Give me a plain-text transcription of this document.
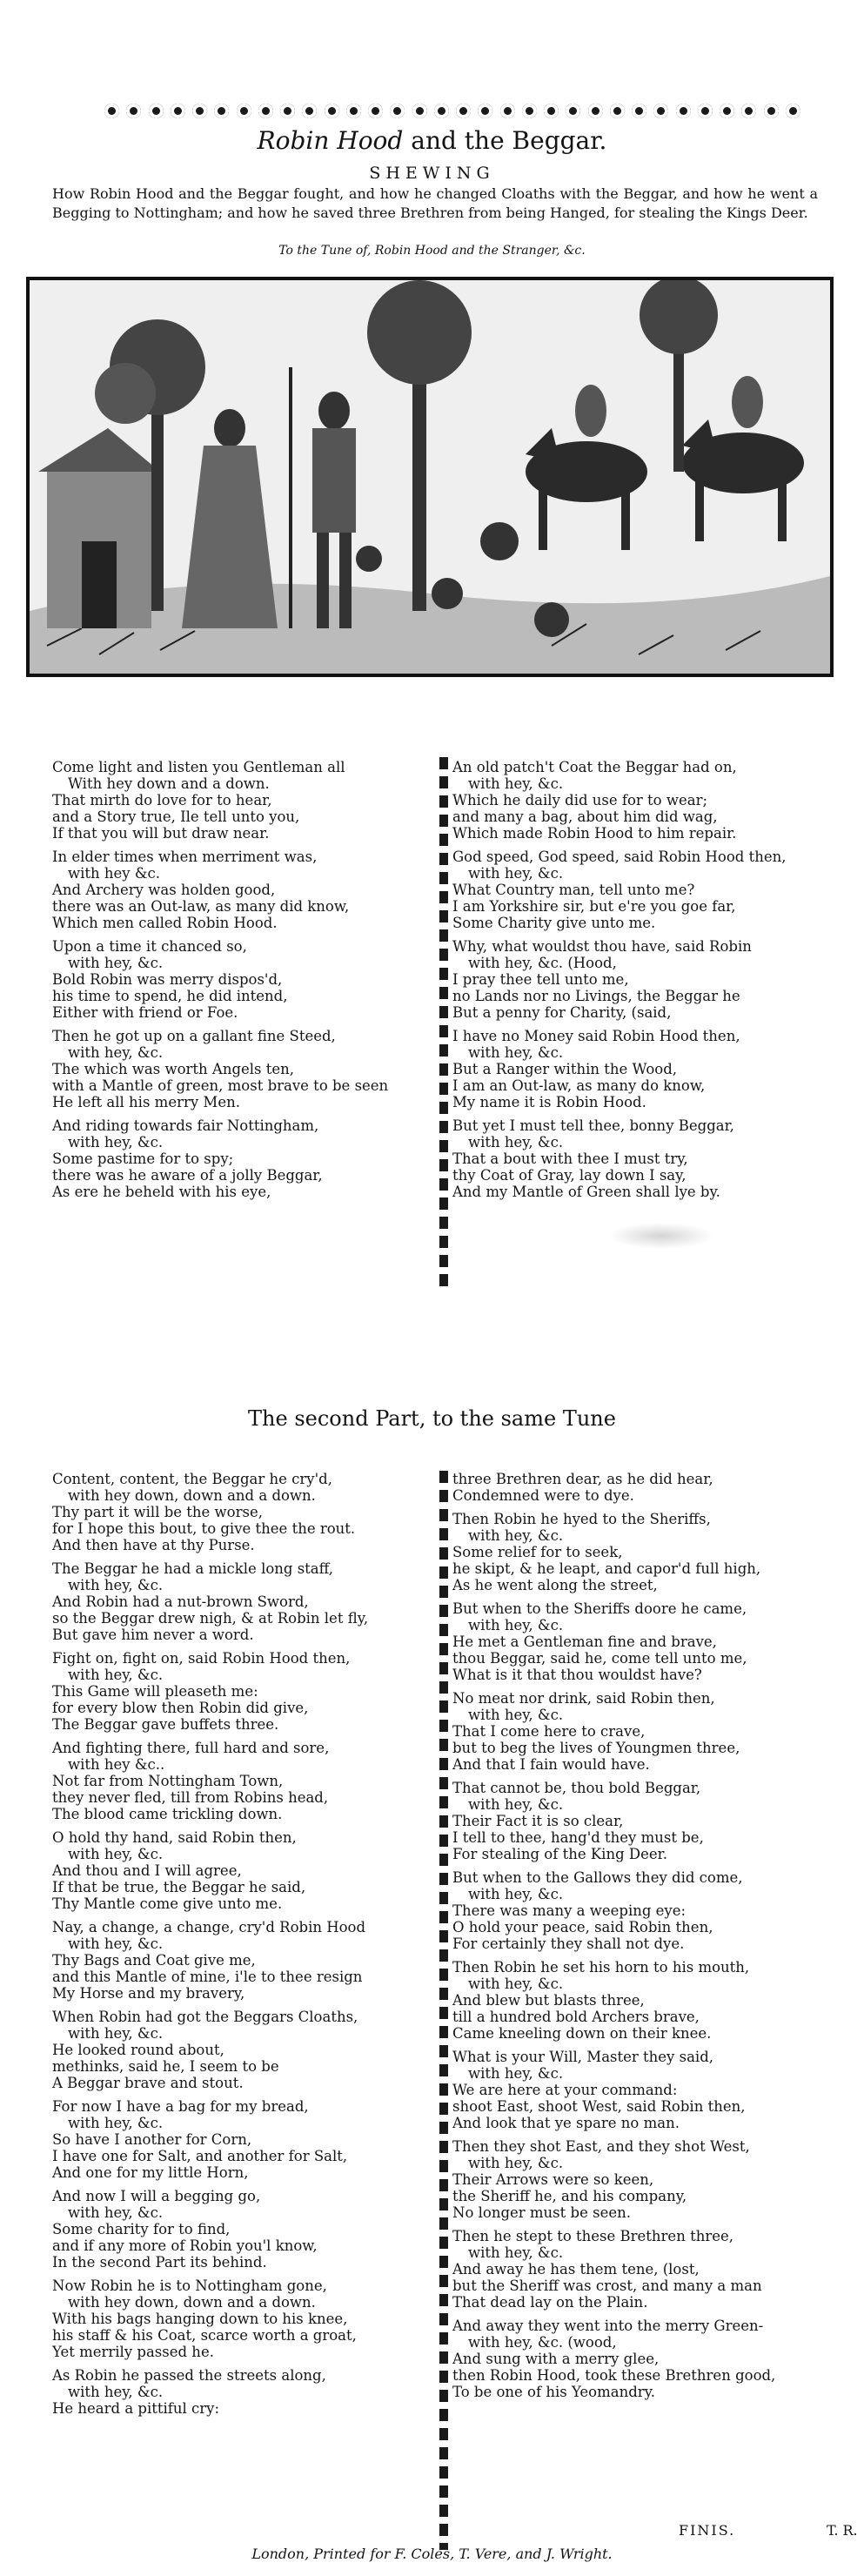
Robin Hood and the Beggar.
SHEWING
How Robin Hood and the Beggar fought, and how he changed Cloaths with the Beggar, and how he went a Begging to Nottingham; and how he saved three Brethren from being Hanged, for stealing the Kings Deer.
To the Tune of, Robin Hood and the Stranger, &c.
Come light and listen you Gentleman all
With hey down and a down.
That mirth do love for to hear,
and a Story true, Ile tell unto you,
If that you will but draw near.
In elder times when merriment was,
with hey &c.
And Archery was holden good,
there was an Out-law, as many did know,
Which men called Robin Hood.
Upon a time it chanced so,
with hey, &c.
Bold Robin was merry dispos'd,
his time to spend, he did intend,
Either with friend or Foe.
Then he got up on a gallant fine Steed,
with hey, &c.
The which was worth Angels ten,
with a Mantle of green, most brave to be seen
He left all his merry Men.
And riding towards fair Nottingham,
with hey, &c.
Some pastime for to spy;
there was he aware of a jolly Beggar,
As ere he beheld with his eye,
An old patch't Coat the Beggar had on,
with hey, &c.
Which he daily did use for to wear;
and many a bag, about him did wag,
Which made Robin Hood to him repair.
God speed, God speed, said Robin Hood then,
with hey, &c.
What Country man, tell unto me?
I am Yorkshire sir, but e're you goe far,
Some Charity give unto me.
Why, what wouldst thou have, said Robin
with hey, &c. (Hood,
I pray thee tell unto me,
no Lands nor no Livings, the Beggar he
But a penny for Charity, (said,
I have no Money said Robin Hood then,
with hey, &c.
But a Ranger within the Wood,
I am an Out-law, as many do know,
My name it is Robin Hood.
But yet I must tell thee, bonny Beggar,
with hey, &c.
That a bout with thee I must try,
thy Coat of Gray, lay down I say,
And my Mantle of Green shall lye by.
The second Part, to the same Tune
Content, content, the Beggar he cry'd,
with hey down, down and a down.
Thy part it will be the worse,
for I hope this bout, to give thee the rout.
And then have at thy Purse.
The Beggar he had a mickle long staff,
with hey, &c.
And Robin had a nut-brown Sword,
so the Beggar drew nigh, & at Robin let fly,
But gave him never a word.
Fight on, fight on, said Robin Hood then,
with hey, &c.
This Game will pleaseth me:
for every blow then Robin did give,
The Beggar gave buffets three.
And fighting there, full hard and sore,
with hey &c..
Not far from Nottingham Town,
they never fled, till from Robins head,
The blood came trickling down.
O hold thy hand, said Robin then,
with hey, &c.
And thou and I will agree,
If that be true, the Beggar he said,
Thy Mantle come give unto me.
Nay, a change, a change, cry'd Robin Hood
with hey, &c.
Thy Bags and Coat give me,
and this Mantle of mine, i'le to thee resign
My Horse and my bravery,
When Robin had got the Beggars Cloaths,
with hey, &c.
He looked round about,
methinks, said he, I seem to be
A Beggar brave and stout.
For now I have a bag for my bread,
with hey, &c.
So have I another for Corn,
I have one for Salt, and another for Salt,
And one for my little Horn,
And now I will a begging go,
with hey, &c.
Some charity for to find,
and if any more of Robin you'l know,
In the second Part its behind.
Now Robin he is to Nottingham gone,
with hey down, down and a down.
With his bags hanging down to his knee,
his staff & his Coat, scarce worth a groat,
Yet merrily passed he.
As Robin he passed the streets along,
with hey, &c.
He heard a pittiful cry:
three Brethren dear, as he did hear,
Condemned were to dye.
Then Robin he hyed to the Sheriffs,
with hey, &c.
Some relief for to seek,
he skipt, & he leapt, and capor'd full high,
As he went along the street,
But when to the Sheriffs doore he came,
with hey, &c.
He met a Gentleman fine and brave,
thou Beggar, said he, come tell unto me,
What is it that thou wouldst have?
No meat nor drink, said Robin then,
with hey, &c.
That I come here to crave,
but to beg the lives of Youngmen three,
And that I fain would have.
That cannot be, thou bold Beggar,
with hey, &c.
Their Fact it is so clear,
I tell to thee, hang'd they must be,
For stealing of the King Deer.
But when to the Gallows they did come,
with hey, &c.
There was many a weeping eye:
O hold your peace, said Robin then,
For certainly they shall not dye.
Then Robin he set his horn to his mouth,
with hey, &c.
And blew but blasts three,
till a hundred bold Archers brave,
Came kneeling down on their knee.
What is your Will, Master they said,
with hey, &c.
We are here at your command:
shoot East, shoot West, said Robin then,
And look that ye spare no man.
Then they shot East, and they shot West,
with hey, &c.
Their Arrows were so keen,
the Sheriff he, and his company,
No longer must be seen.
Then he stept to these Brethren three,
with hey, &c.
And away he has them tene, (lost,
but the Sheriff was crost, and many a man
That dead lay on the Plain.
And away they went into the merry Green-
with hey, &c. (wood,
And sung with a merry glee,
then Robin Hood, took these Brethren good,
To be one of his Yeomandry.
FINIS.	T. R.
London, Printed for F. Coles, T. Vere, and J. Wright.
